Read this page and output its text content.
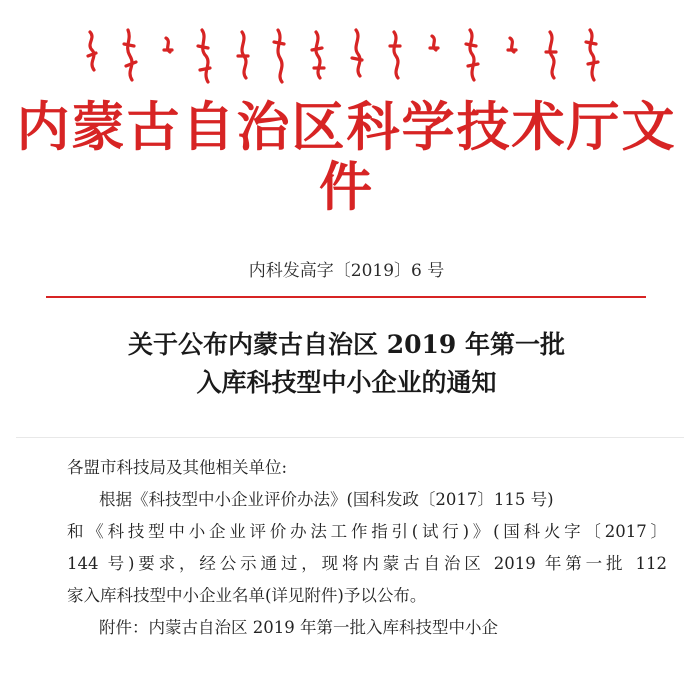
内蒙古自治区科学技术厅文件
内科发高字〔2019〕6 号
关于公布内蒙古自治区 2019 年第一批
入库科技型中小企业的通知
各盟市科技局及其他相关单位:
根据《科技型中小企业评价办法》(国科发政〔2017〕115 号)
和《科技型中小企业评价办法工作指引(试行)》(国科火字〔2017〕
144 号)要求，经公示通过，现将内蒙古自治区 2019 年第一批 112
家入库科技型中小企业名单(详见附件)予以公布。
附件：内蒙古自治区 2019 年第一批入库科技型中小企
